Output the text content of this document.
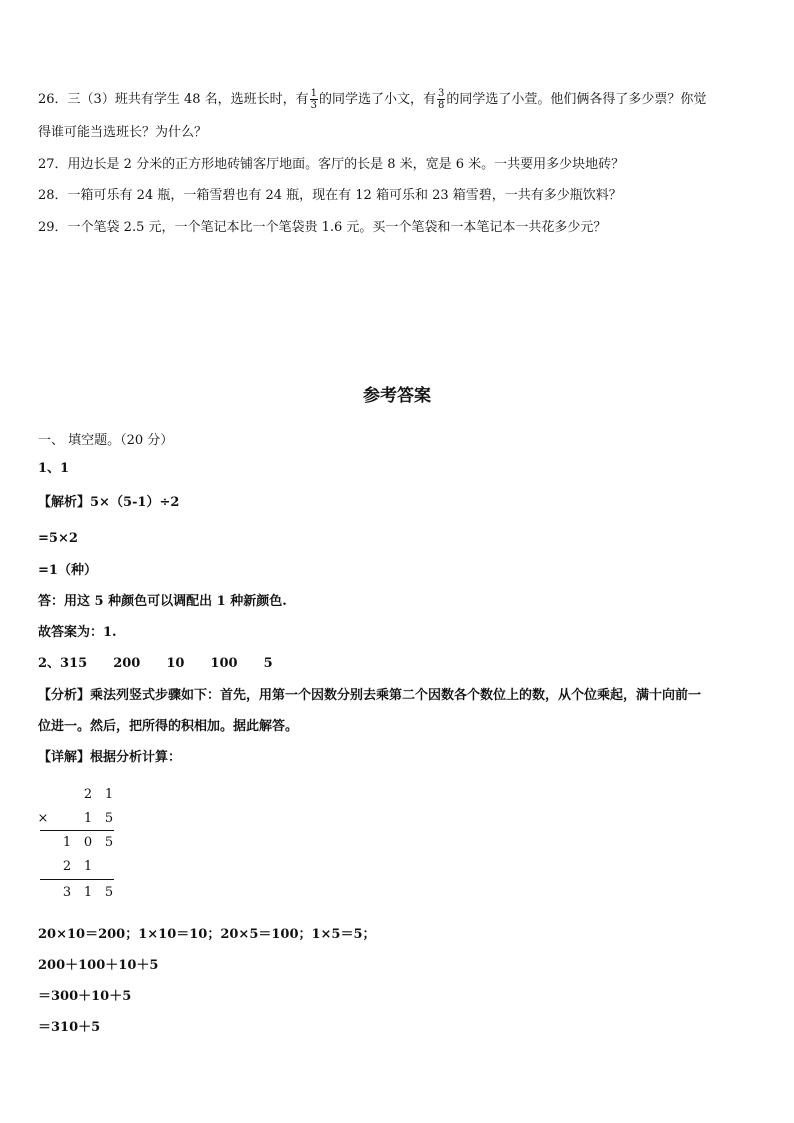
26．三（3）班共有学生 48 名，选班长时，有 $\frac{1}{3}$ 的同学选了小文，有 $\frac{3}{8}$ 的同学选了小萱。他们俩各得了多少票？你觉
得谁可能当选班长？为什么？
27．用边长是 2 分米的正方形地砖铺客厅地面。客厅的长是 8 米，宽是 6 米。一共要用多少块地砖？
28．一箱可乐有 24 瓶，一箱雪碧也有 24 瓶，现在有 12 箱可乐和 23 箱雪碧，一共有多少瓶饮料？
29．一个笔袋 2.5 元，一个笔记本比一个笔袋贵 1.6 元。买一个笔袋和一本笔记本一共花多少元？
参考答案
一、 填空题。（20 分）
1、1
【解析】5×（5-1）÷2
=5×2
=1（种）
答：用这 5 种颜色可以调配出 1 种新颜色.
故答案为：1.
2、315 200 10 100 5
【分析】乘法列竖式步骤如下：首先，用第一个因数分别去乘第二个因数各个数位上的数，从个位乘起，满十向前一
位进一。然后，把所得的积相加。据此解答。
【详解】根据分析计算：
2 1
×	1 5
1 0 5
2 1
3 1 5
20×10＝200；1×10＝10；20×5＝100；1×5＝5；
200＋100＋10＋5
＝300＋10＋5
＝310＋5
